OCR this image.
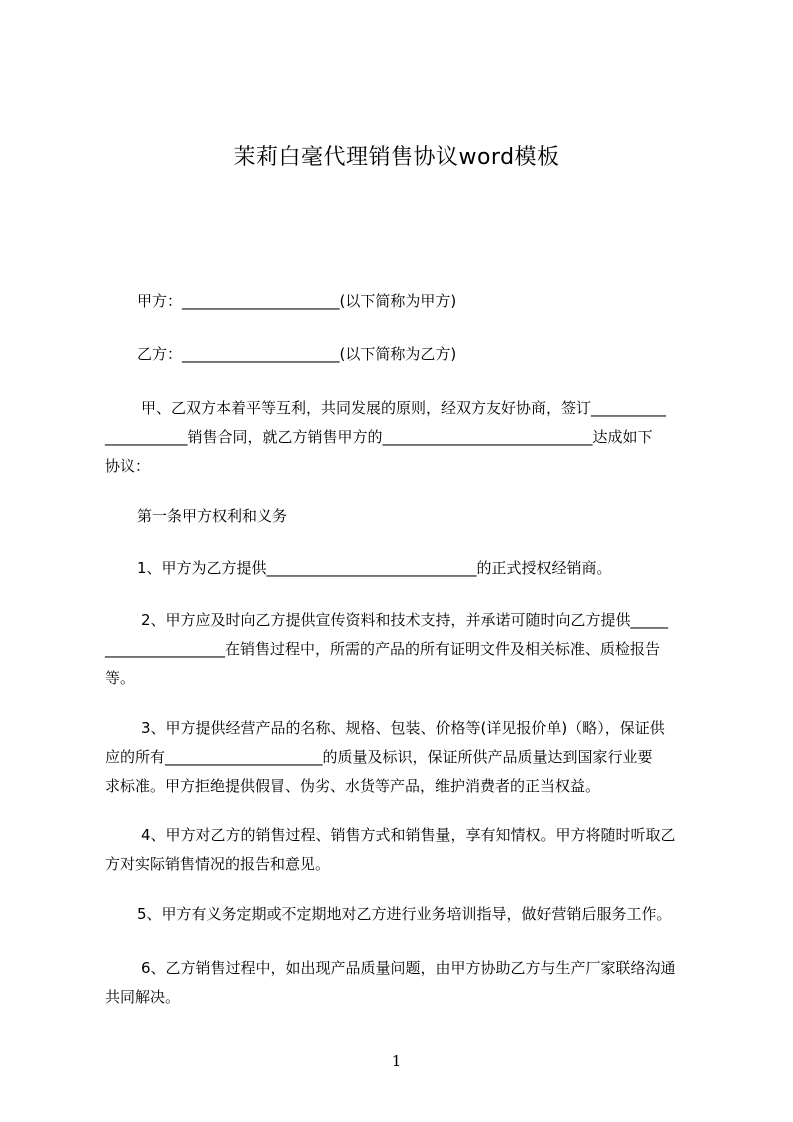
茉莉白毫代理销售协议word模板
甲方：_____________________(以下简称为甲方)
乙方：_____________________(以下简称为乙方)
甲、乙双方本着平等互利，共同发展的原则，经双方友好协商，签订__________
___________销售合同，就乙方销售甲方的____________________________达成如下
协议：
第一条甲方权利和义务
1、甲方为乙方提供____________________________的正式授权经销商。
2、甲方应及时向乙方提供宣传资料和技术支持，并承诺可随时向乙方提供_____
________________在销售过程中，所需的产品的所有证明文件及相关标准、质检报告
等。
3、甲方提供经营产品的名称、规格、包装、价格等(详见报价单)（略），保证供
应的所有_____________________的质量及标识，保证所供产品质量达到国家行业要
求标准。甲方拒绝提供假冒、伪劣、水货等产品，维护消费者的正当权益。
4、甲方对乙方的销售过程、销售方式和销售量，享有知情权。甲方将随时听取乙
方对实际销售情况的报告和意见。
5、甲方有义务定期或不定期地对乙方进行业务培训指导，做好营销后服务工作。
6、乙方销售过程中，如出现产品质量问题，由甲方协助乙方与生产厂家联络沟通
共同解决。
1
